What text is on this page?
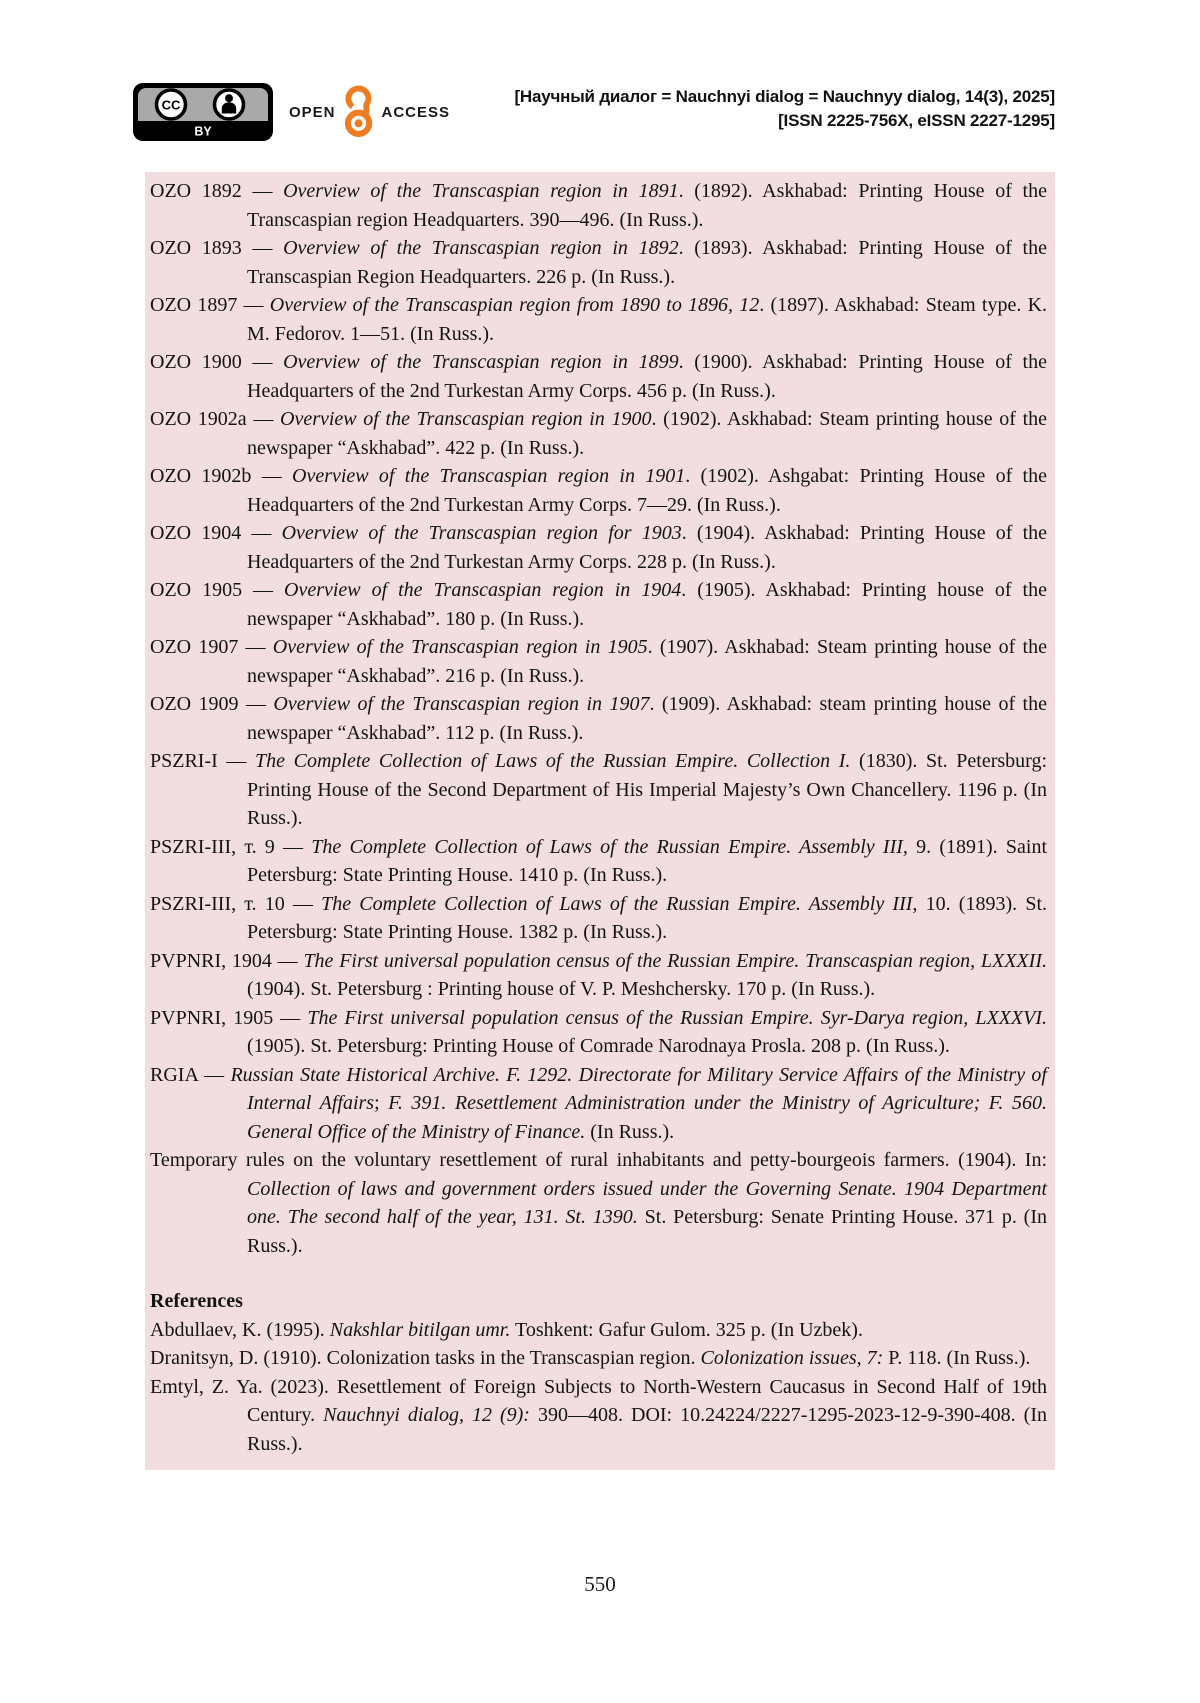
CC
BY
OPEN	ACCESS
[Научный диалог = Nauchnyi dialog = Nauchnyy dialog, 14(3), 2025]
[ISSN 2225-756X, eISSN 2227-1295]

OZO 1892 — Overview of the Transcaspian region in 1891. (1892). Askhabad: Printing House of the Transcaspian region Headquarters. 390—496. (In Russ.).

OZO 1893 — Overview of the Transcaspian region in 1892. (1893). Askhabad: Printing House of the Transcaspian Region Headquarters. 226 p. (In Russ.).

OZO 1897 — Overview of the Transcaspian region from 1890 to 1896, 12. (1897). Askhabad: Steam type. K. M. Fedorov. 1—51. (In Russ.).

OZO 1900 — Overview of the Transcaspian region in 1899. (1900). Askhabad: Printing House of the Headquarters of the 2nd Turkestan Army Corps. 456 p. (In Russ.).

OZO 1902a — Overview of the Transcaspian region in 1900. (1902). Askhabad: Steam printing house of the newspaper “Askhabad”. 422 p. (In Russ.).

OZO 1902b — Overview of the Transcaspian region in 1901. (1902). Ashgabat: Printing House of the Headquarters of the 2nd Turkestan Army Corps. 7—29. (In Russ.).

OZO 1904 — Overview of the Transcaspian region for 1903. (1904). Askhabad: Printing House of the Headquarters of the 2nd Turkestan Army Corps. 228 p. (In Russ.).

OZO 1905 — Overview of the Transcaspian region in 1904. (1905). Askhabad: Printing house of the newspaper “Askhabad”. 180 p. (In Russ.).

OZO 1907 — Overview of the Transcaspian region in 1905. (1907). Askhabad: Steam printing house of the newspaper “Askhabad”. 216 p. (In Russ.).

OZO 1909 — Overview of the Transcaspian region in 1907. (1909). Askhabad: steam printing house of the newspaper “Askhabad”. 112 p. (In Russ.).

PSZRI-I — The Complete Collection of Laws of the Russian Empire. Collection I. (1830). St. Petersburg: Printing House of the Second Department of His Imperial Majesty’s Own Chancellery. 1196 p. (In Russ.).

PSZRI-III, т. 9 — The Complete Collection of Laws of the Russian Empire. Assembly III, 9. (1891). Saint Petersburg: State Printing House. 1410 p. (In Russ.).

PSZRI-III, т. 10 — The Complete Collection of Laws of the Russian Empire. Assembly III, 10. (1893). St. Petersburg: State Printing House. 1382 p. (In Russ.).

PVPNRI, 1904 — The First universal population census of the Russian Empire. Transcaspian region, LXXXII. (1904). St. Petersburg : Printing house of V. P. Meshchersky. 170 p. (In Russ.).

PVPNRI, 1905 — The First universal population census of the Russian Empire. Syr-Darya region, LXXXVI. (1905). St. Petersburg: Printing House of Comrade Narodnaya Prosla. 208 p. (In Russ.).

RGIA — Russian State Historical Archive. F. 1292. Directorate for Military Service Affairs of the Ministry of Internal Affairs; F. 391. Resettlement Administration under the Ministry of Agriculture; F. 560. General Office of the Ministry of Finance. (In Russ.).

Temporary rules on the voluntary resettlement of rural inhabitants and petty-bourgeois farmers. (1904). In: Collection of laws and government orders issued under the Governing Senate. 1904 Department one. The second half of the year, 131. St. 1390. St. Petersburg: Senate Printing House. 371 p. (In Russ.).

References

Abdullaev, K. (1995). Nakshlar bitilgan umr. Toshkent: Gafur Gulom. 325 p. (In Uzbek).

Dranitsyn, D. (1910). Colonization tasks in the Transcaspian region. Colonization issues, 7: P. 118. (In Russ.).

Emtyl, Z. Ya. (2023). Resettlement of Foreign Subjects to North-Western Caucasus in Second Half of 19th Century. Nauchnyi dialog, 12 (9): 390—408. DOI: 10.24224/2227-1295-2023-12-9-390-408. (In Russ.).

550
